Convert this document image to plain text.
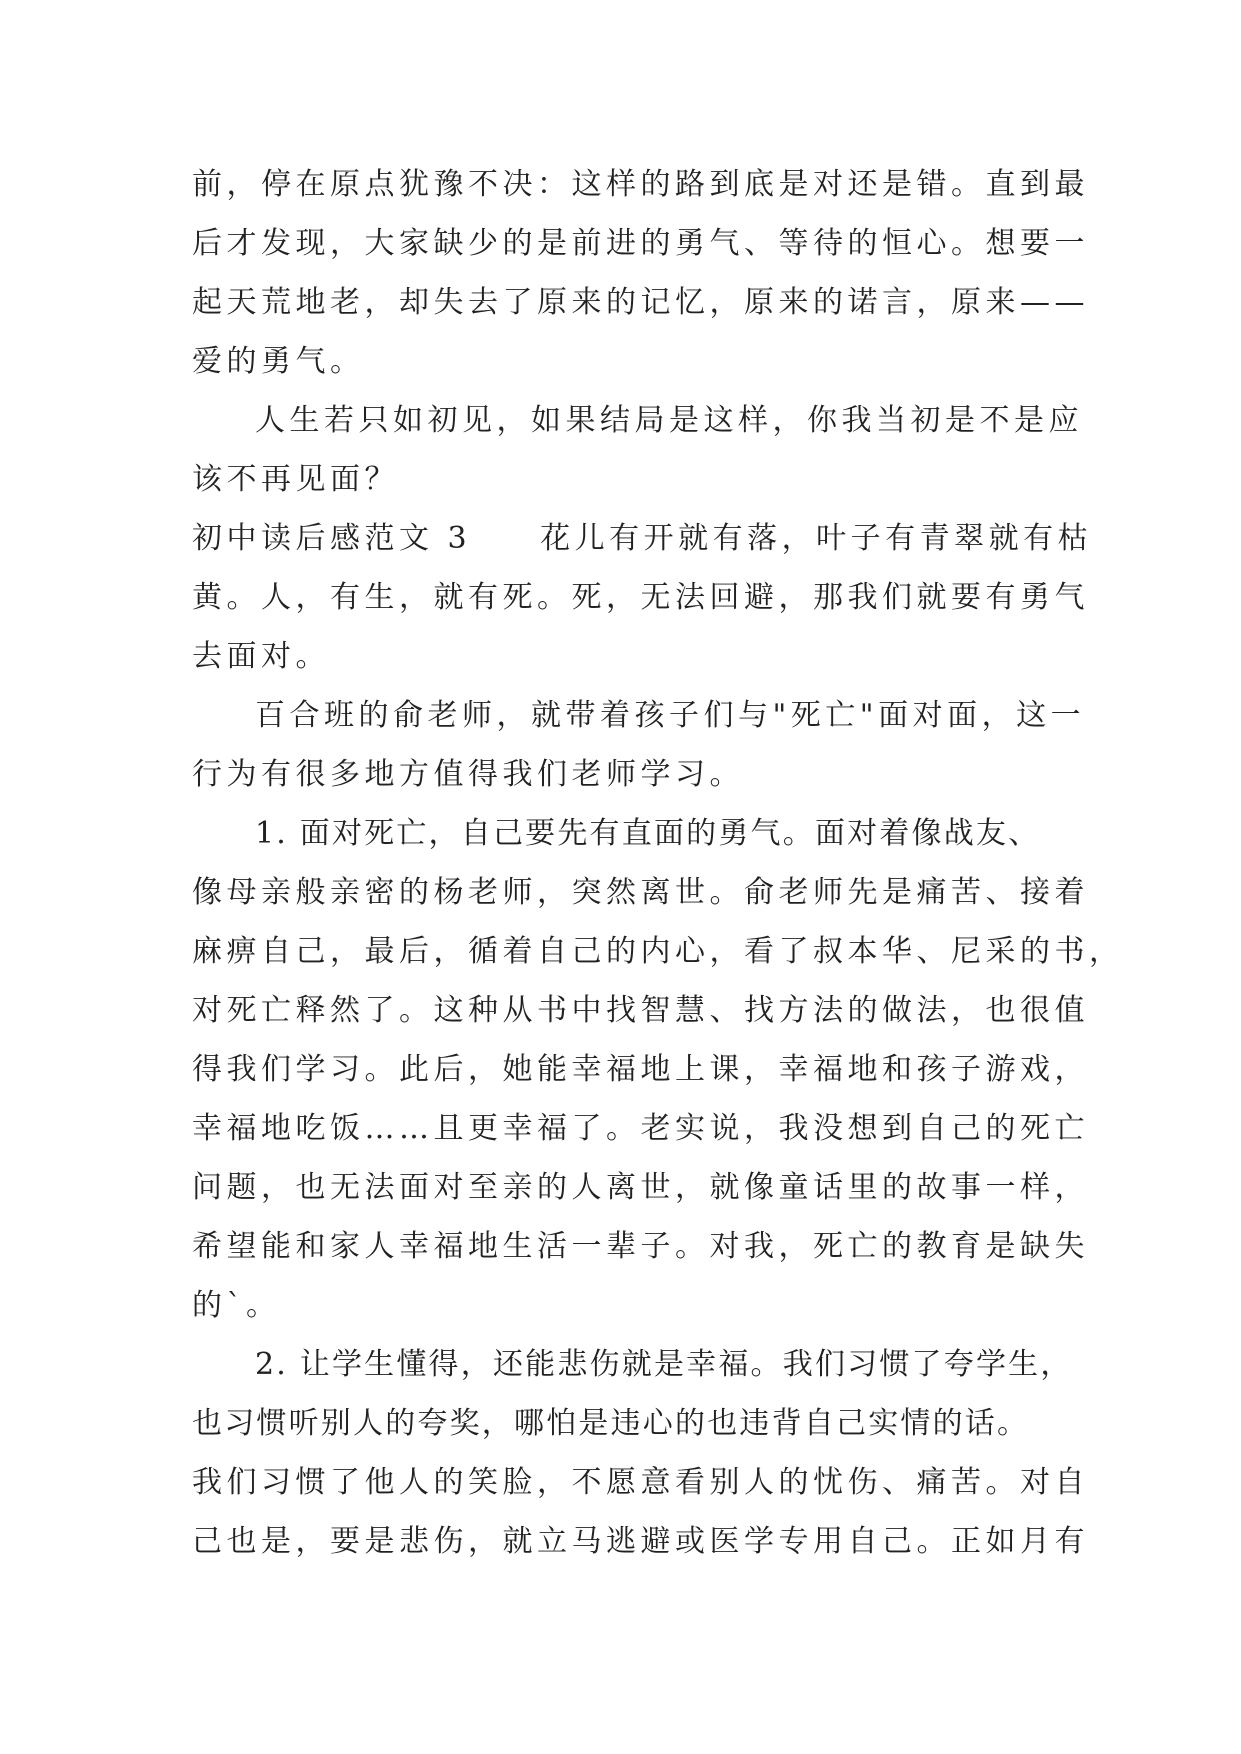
前，停在原点犹豫不决：这样的路到底是对还是错。直到最
后才发现，大家缺少的是前进的勇气、等待的恒心。想要一
起天荒地老，却失去了原来的记忆，原来的诺言，原来——
爱的勇气。
人生若只如初见，如果结局是这样，你我当初是不是应
该不再见面？
初中读后感范文 3　　花儿有开就有落，叶子有青翠就有枯
黄。人，有生，就有死。死，无法回避，那我们就要有勇气
去面对。
百合班的俞老师，就带着孩子们与"死亡"面对面，这一
行为有很多地方值得我们老师学习。
1. 面对死亡，自己要先有直面的勇气。面对着像战友、
像母亲般亲密的杨老师，突然离世。俞老师先是痛苦、接着
麻痹自己，最后，循着自己的内心，看了叔本华、尼采的书，
对死亡释然了。这种从书中找智慧、找方法的做法，也很值
得我们学习。此后，她能幸福地上课，幸福地和孩子游戏，
幸福地吃饭……且更幸福了。老实说，我没想到自己的死亡
问题，也无法面对至亲的人离世，就像童话里的故事一样，
希望能和家人幸福地生活一辈子。对我，死亡的教育是缺失
的`。
2. 让学生懂得，还能悲伤就是幸福。我们习惯了夸学生，
也习惯听别人的夸奖，哪怕是违心的也违背自己实情的话。
我们习惯了他人的笑脸，不愿意看别人的忧伤、痛苦。对自
己也是，要是悲伤，就立马逃避或医学专用自己。正如月有
